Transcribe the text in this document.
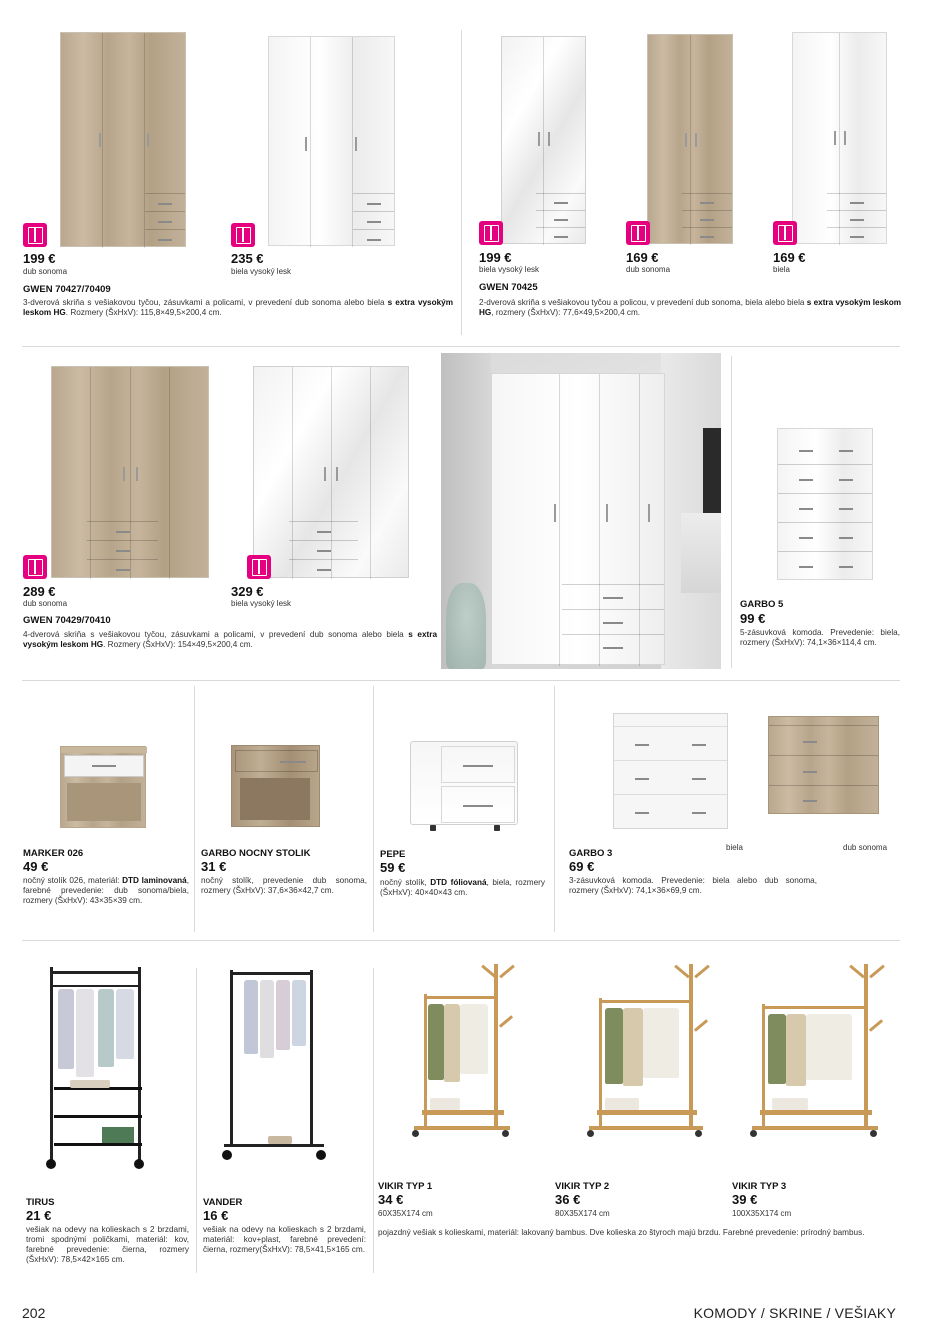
199 €
dub sonoma
235 €
biela vysoký lesk
GWEN 70427/70409
3-dverová skriňa s vešiakovou tyčou, zásuvkami a policami, v prevedení dub sonoma alebo biela s extra vysokým leskom HG. Rozmery (ŠxHxV): 115,8×49,5×200,4 cm.
199 €
biela vysoký lesk
169 €
dub sonoma
169 €
biela
GWEN 70425
2-dverová skriňa s vešiakovou tyčou a policou, v prevedení dub sonoma, biela alebo biela s extra vysokým leskom HG, rozmery (ŠxHxV): 77,6×49,5×200,4 cm.
289 €
dub sonoma
329 €
biela vysoký lesk
GWEN 70429/70410
4-dverová skriňa s vešiakovou tyčou, zásuvkami a policami, v prevedení dub sonoma alebo biela s extra vysokým leskom HG. Rozmery (ŠxHxV): 154×49,5×200,4 cm.
GARBO 5
99 €
5-zásuvková komoda. Prevedenie: biela, rozmery (ŠxHxV): 74,1×36×114,4 cm.
biela	dub sonoma
MARKER 026
49 €
nočný stolík 026, materiál: DTD laminovaná, farebné prevedenie: dub sonoma/biela, rozmery (ŠxHxV): 43×35×39 cm.
GARBO NOCNY STOLIK
31 €
nočný stolík, prevedenie dub sonoma, rozmery (ŠxHxV): 37,6×36×42,7 cm.
PEPE
59 €
nočný stolík, DTD fóliovaná, biela, rozmery (ŠxHxV): 40×40×43 cm.
GARBO 3
69 €
3-zásuvková komoda. Prevedenie: biela alebo dub sonoma, rozmery (ŠxHxV): 74,1×36×69,9 cm.
TIRUS
21 €
vešiak na odevy na kolieskach s 2 brzdami, tromi spodnými poličkami, materiál: kov, farebné prevedenie: čierna, rozmery (ŠxHxV): 78,5×42×165 cm.
VANDER
16 €
vešiak na odevy na kolieskach s 2 brzdami, materiál: kov+plast, farebné prevedení: čierna, rozmery(ŠxHxV): 78,5×41,5×165 cm.
VIKIR TYP 1
34 €
60X35X174 cm
VIKIR TYP 2
36 €
80X35X174 cm
VIKIR TYP 3
39 €
100X35X174 cm
pojazdný vešiak s kolieskami, materiál: lakovaný bambus. Dve kolieska zo štyroch majú brzdu. Farebné prevedenie: prírodný bambus.
202	KOMODY / SKRINE / VEŠIAKY
